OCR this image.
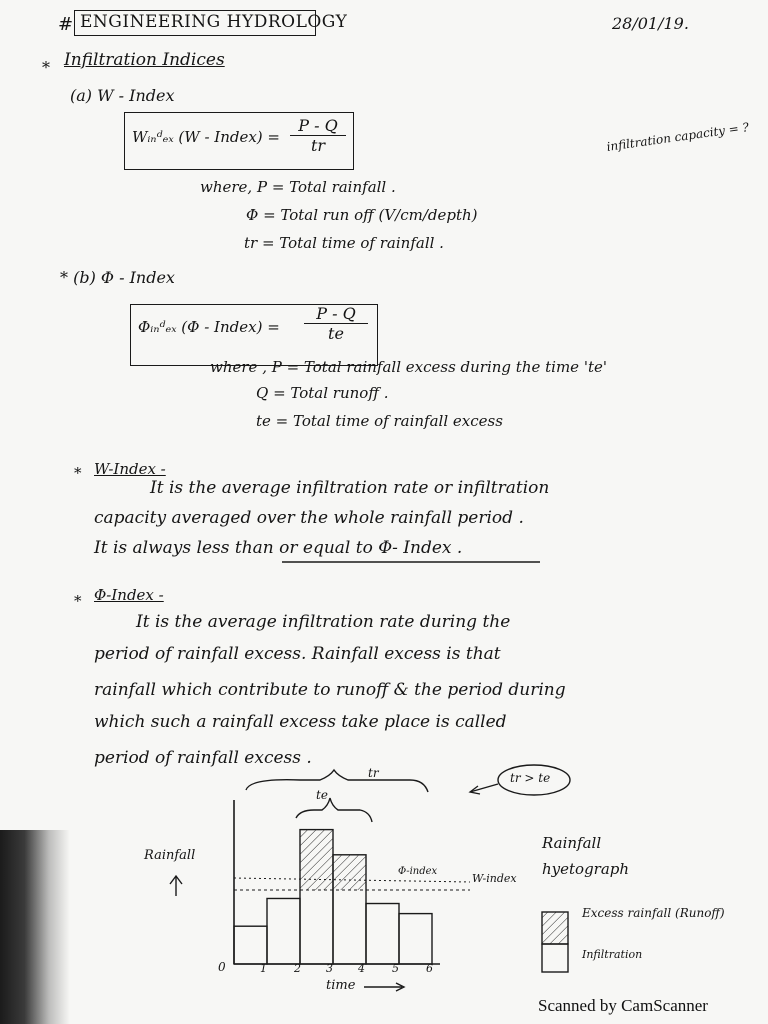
# ENGINEERING HYDROLOGY	28/01/19.
* Infiltration Indices
(a) W - Index
Wᵢₙᵈₑₓ (W - Index) = $\frac{P - Q}{tr}$	infiltration capacity = ?
where, P = Total rainfall .
Φ = Total run off (V/cm/depth)
tr = Total time of rainfall .
* (b) Φ - Index
Φᵢₙᵈₑₓ (Φ - Index) = $\frac{P - Q}{te}$
where , P = Total rainfall excess during the time 'te'
Q = Total runoff .
te = Total time of rainfall excess
* W-Index -
It is the average infiltration rate or infiltration
capacity averaged over the whole rainfall period .
It is always less than or equal to Φ- Index .
* Φ-Index -
It is the average infiltration rate during the
period of rainfall excess. Rainfall excess is that
rainfall which contribute to runoff & the period during
which such a rainfall excess take place is called
period of rainfall excess .
Rainfall
time
0	1 2 3 4 5 6
tr
te
tr > te
Φ-index
W-index
Rainfall hyetograph
Excess rainfall (Runoff)
Infiltration
Scanned by CamScanner
